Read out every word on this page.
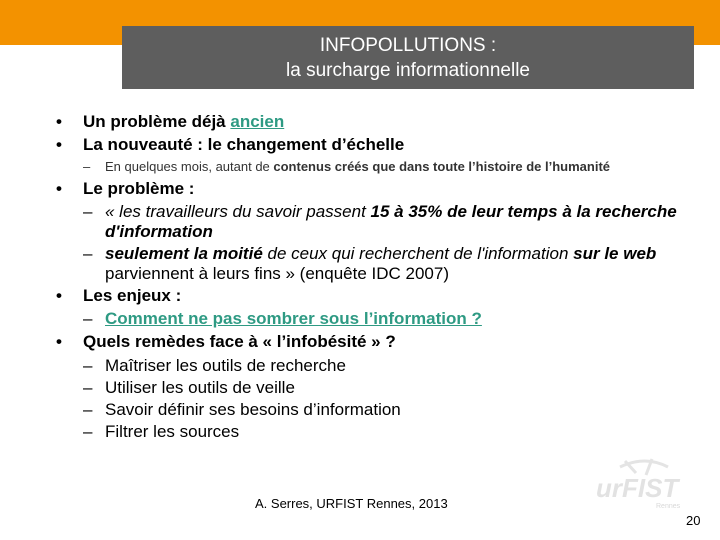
INFOPOLLUTIONS :
la surcharge informationnelle
•	Un problème déjà ancien
•	La nouveauté : le changement d’échelle
–	En quelques mois, autant de contenus créés que dans toute l’histoire de l’humanité
•	Le problème :
– « les travailleurs du savoir passent 15 à 35% de leur temps à la recherche d'information
– seulement la moitié de ceux qui recherchent de l'information sur le web parviennent à leurs fins » (enquête IDC 2007)
•	Les enjeux :
– Comment ne pas sombrer sous l’information ?
•	Quels remèdes face à « l’infobésité » ?
– Maîtriser les outils de recherche
– Utiliser les outils de veille
– Savoir définir ses besoins d’information
– Filtrer les sources
A. Serres, URFIST Rennes, 2013
urFIST
Rennes
20
